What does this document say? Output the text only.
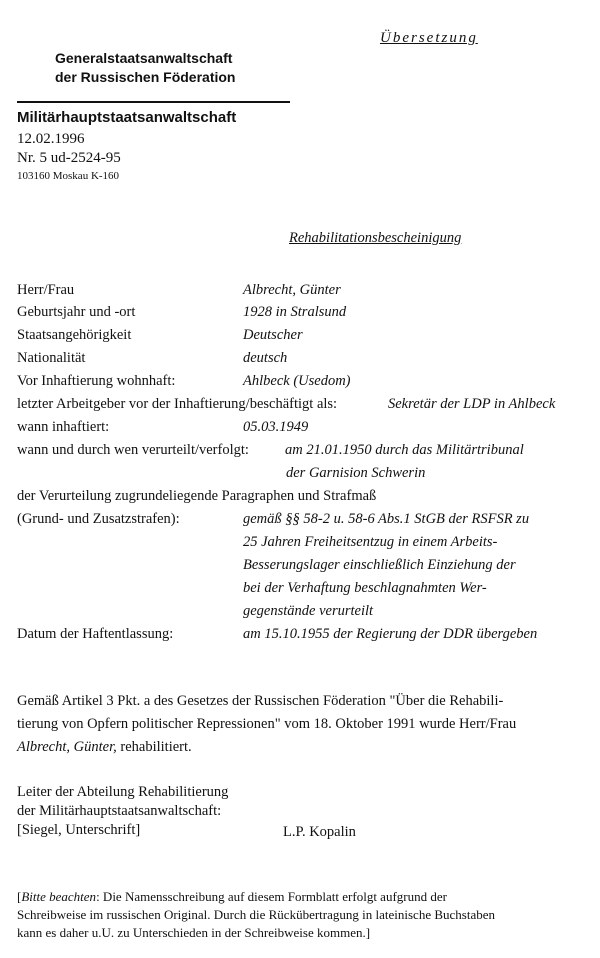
Übersetzung
Generalstaatsanwaltschaft
der Russischen Föderation
Militärhauptstaatsanwaltschaft
12.02.1996
Nr. 5 ud-2524-95
103160 Moskau K-160
Rehabilitationsbescheinigung
Herr/Frau	Albrecht, Günter
Geburtsjahr und -ort	1928 in Stralsund
Staatsangehörigkeit	Deutscher
Nationalität	deutsch
Vor Inhaftierung wohnhaft:	Ahlbeck (Usedom)
letzter Arbeitgeber vor der Inhaftierung/beschäftigt als:	Sekretär der LDP in Ahlbeck
wann inhaftiert:	05.03.1949
wann und durch wen verurteilt/verfolgt: am 21.01.1950 durch das Militärtribunal
der Garnision Schwerin
der Verurteilung zugrundeliegende Paragraphen und Strafmaß
(Grund- und Zusatzstrafen):	gemäß §§ 58-2 u. 58-6 Abs.1 StGB der RSFSR zu
25 Jahren Freiheitsentzug in einem Arbeits-
Besserungslager einschließlich Einziehung der
bei der Verhaftung beschlagnahmten Wer-
gegenstände verurteilt
Datum der Haftentlassung:	am 15.10.1955 der Regierung der DDR übergeben
Gemäß Artikel 3 Pkt. a des Gesetzes der Russischen Föderation "Über die Rehabili-
tierung von Opfern politischer Repressionen" vom 18. Oktober 1991 wurde Herr/Frau
Albrecht, Günter, rehabilitiert.
Leiter der Abteilung Rehabilitierung
der Militärhauptstaatsanwaltschaft:
[Siegel, Unterschrift]	L.P. Kopalin
[Bitte beachten: Die Namensschreibung auf diesem Formblatt erfolgt aufgrund der
Schreibweise im russischen Original. Durch die Rückübertragung in lateinische Buchstaben
kann es daher u.U. zu Unterschieden in der Schreibweise kommen.]
